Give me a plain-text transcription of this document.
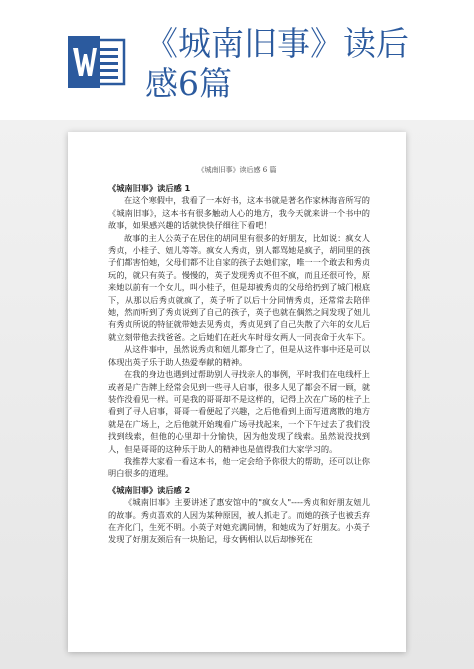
《城南旧事》读后
感6篇
《城南旧事》读后感 6 篇

《城南旧事》读后感 1

在这个寒假中，我看了一本好书，这本书就是著名作家林海音所写的《城南旧事》，这本书有很多触动人心的地方，我今天就来讲一个书中的故事，如果感兴趣的话就快快仔细往下看吧！

故事的主人公英子在居住的胡同里有很多的好朋友，比如说：疯女人秀贞，小桂子、妞儿等等。疯女人秀贞，别人都骂她是疯子，胡同里的孩子们都害怕她，父母们都不让自家的孩子去她们家，唯一一个敢去和秀贞玩的，就只有英子。慢慢的，英子发现秀贞不但不疯，而且还很可怜，原来她以前有一个女儿，叫小桂子，但是却被秀贞的父母给扔到了城门根底下，从那以后秀贞就疯了，英子听了以后十分同情秀贞，还常常去陪伴她，然而听到了秀贞说到了自己的孩子，英子也就在偶然之间发现了妞儿有秀贞所说的特征就带她去见秀贞，秀贞见到了自己失散了六年的女儿后就立刻带他去找爸爸。之后她们在赶火车时母女两人一同丧命于火车下。

从这件事中，虽然说秀贞和妞儿都身亡了，但是从这件事中还是可以体现出英子乐于助人热爱奉献的精神。

在我的身边也遇到过帮助别人寻找亲人的事例，平时我们在电线杆上或者是广告牌上经常会见到一些寻人启事，很多人见了都会不屑一顾，就装作没看见一样。可是我的哥哥却不是这样的，记得上次在广场的柱子上看到了寻人启事，哥哥一看便起了兴趣，之后他看到上面写道离散的地方就是在广场上，之后他就开始瑰看广场寻找起来，一个下午过去了我们没找到线索，但他的心里却十分愉快，因为他发现了线索。虽然说没找到人，但是哥哥的这种乐于助人的精神也是值得我们大家学习的。

我推荐大家看一看这本书，他一定会给予你很大的帮助，还可以让你明白很多的道理。

《城南旧事》读后感 2

《城南旧事》主要讲述了惠安馆中的"疯女人"----秀贞和好朋友妞儿的故事。秀贞喜欢的人因为某种原因，被人抓走了。而她的孩子也被丢弃在齐化门，生死不明。小英子对她充满同情，和她成为了好朋友。小英子发现了好朋友颈后有一块胎记，母女俩相认以后却惨死在
